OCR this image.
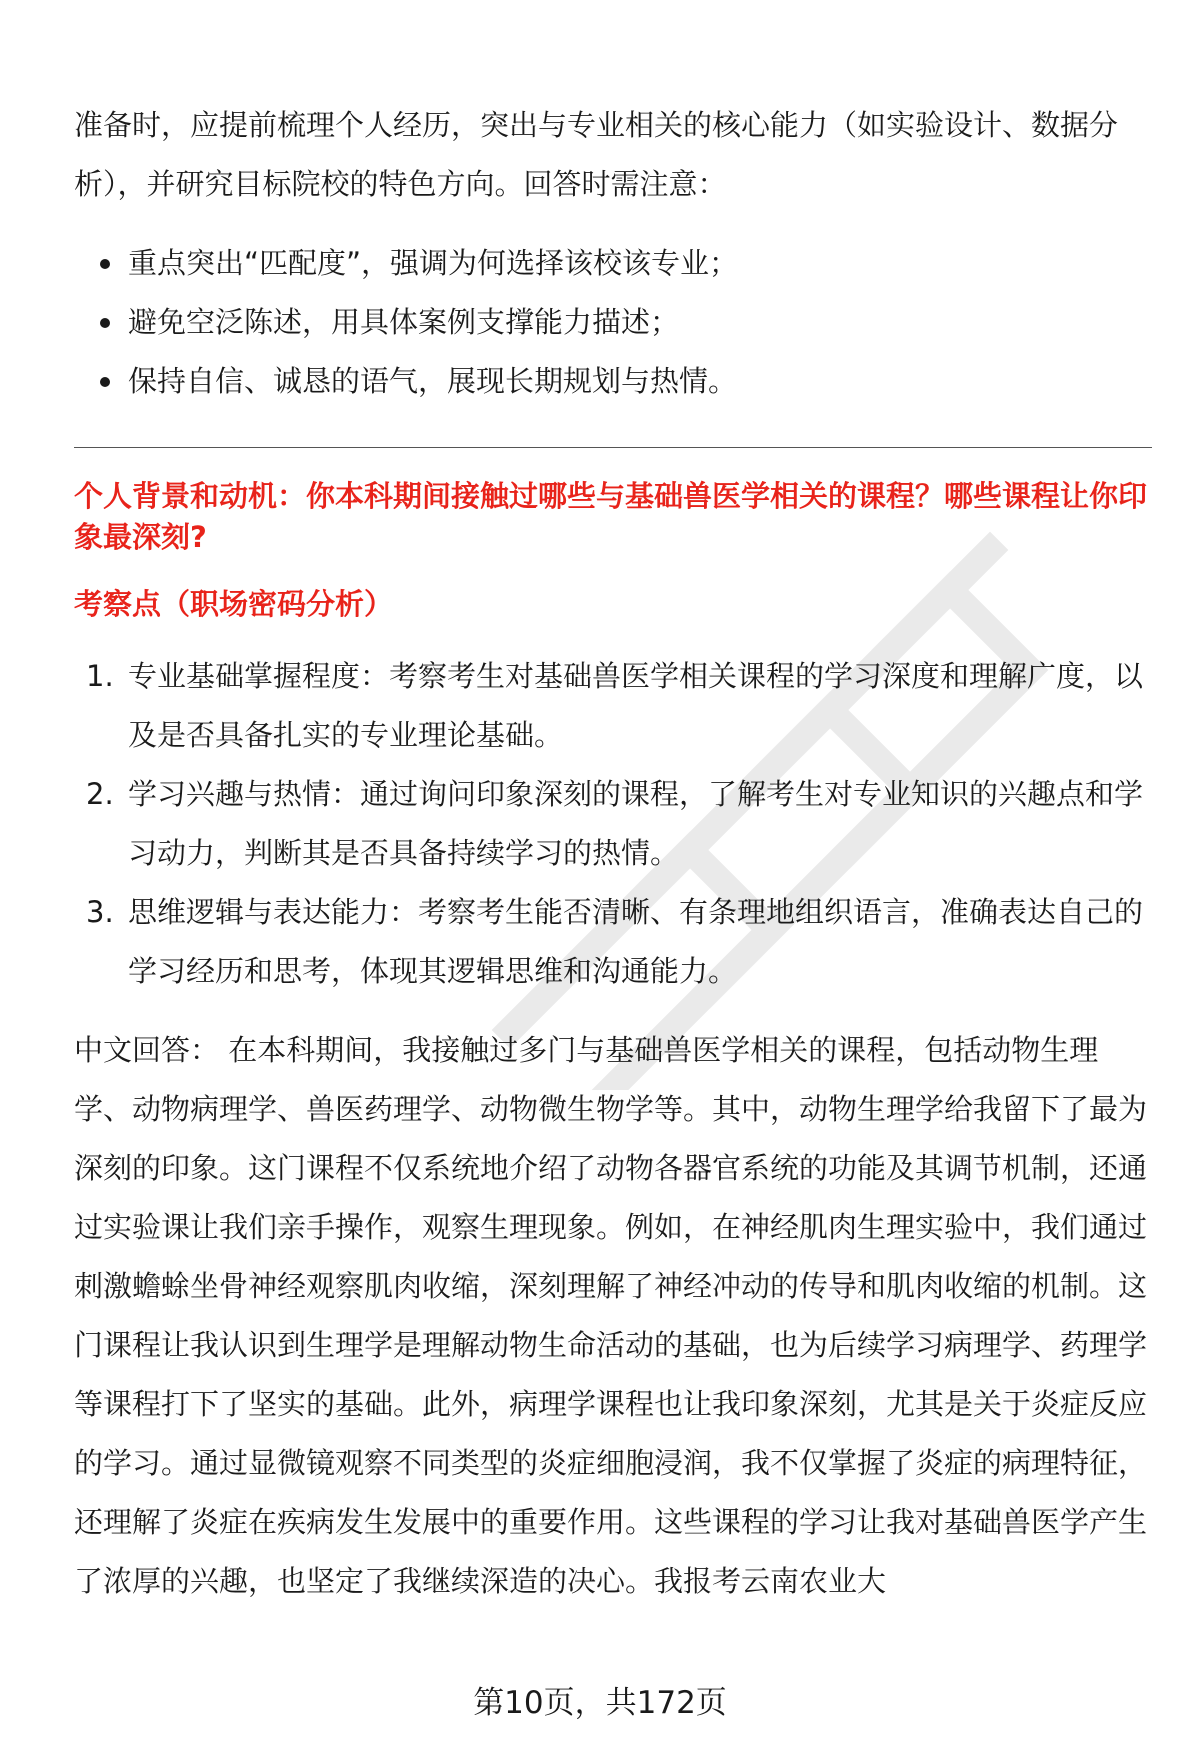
准备时，应提前梳理个人经历，突出与专业相关的核心能力（如实验设计、数据分析），并研究目标院校的特色方向。回答时需注意：

重点突出“匹配度”，强调为何选择该校该专业；
避免空泛陈述，用具体案例支撑能力描述；
保持自信、诚恳的语气，展现长期规划与热情。

个人背景和动机：你本科期间接触过哪些与基础兽医学相关的课程？哪些课程让你印象最深刻?

考察点（职场密码分析）

1. 专业基础掌握程度：考察考生对基础兽医学相关课程的学习深度和理解广度，以及是否具备扎实的专业理论基础。
2. 学习兴趣与热情：通过询问印象深刻的课程，了解考生对专业知识的兴趣点和学习动力，判断其是否具备持续学习的热情。
3. 思维逻辑与表达能力：考察考生能否清晰、有条理地组织语言，准确表达自己的学习经历和思考，体现其逻辑思维和沟通能力。

中文回答： 在本科期间，我接触过多门与基础兽医学相关的课程，包括动物生理学、动物病理学、兽医药理学、动物微生物学等。其中，动物生理学给我留下了最为深刻的印象。这门课程不仅系统地介绍了动物各器官系统的功能及其调节机制，还通过实验课让我们亲手操作，观察生理现象。例如，在神经肌肉生理实验中，我们通过刺激蟾蜍坐骨神经观察肌肉收缩，深刻理解了神经冲动的传导和肌肉收缩的机制。这门课程让我认识到生理学是理解动物生命活动的基础，也为后续学习病理学、药理学等课程打下了坚实的基础。此外，病理学课程也让我印象深刻，尤其是关于炎症反应的学习。通过显微镜观察不同类型的炎症细胞浸润，我不仅掌握了炎症的病理特征，还理解了炎症在疾病发生发展中的重要作用。这些课程的学习让我对基础兽医学产生了浓厚的兴趣，也坚定了我继续深造的决心。我报考云南农业大

第10页，共172页
